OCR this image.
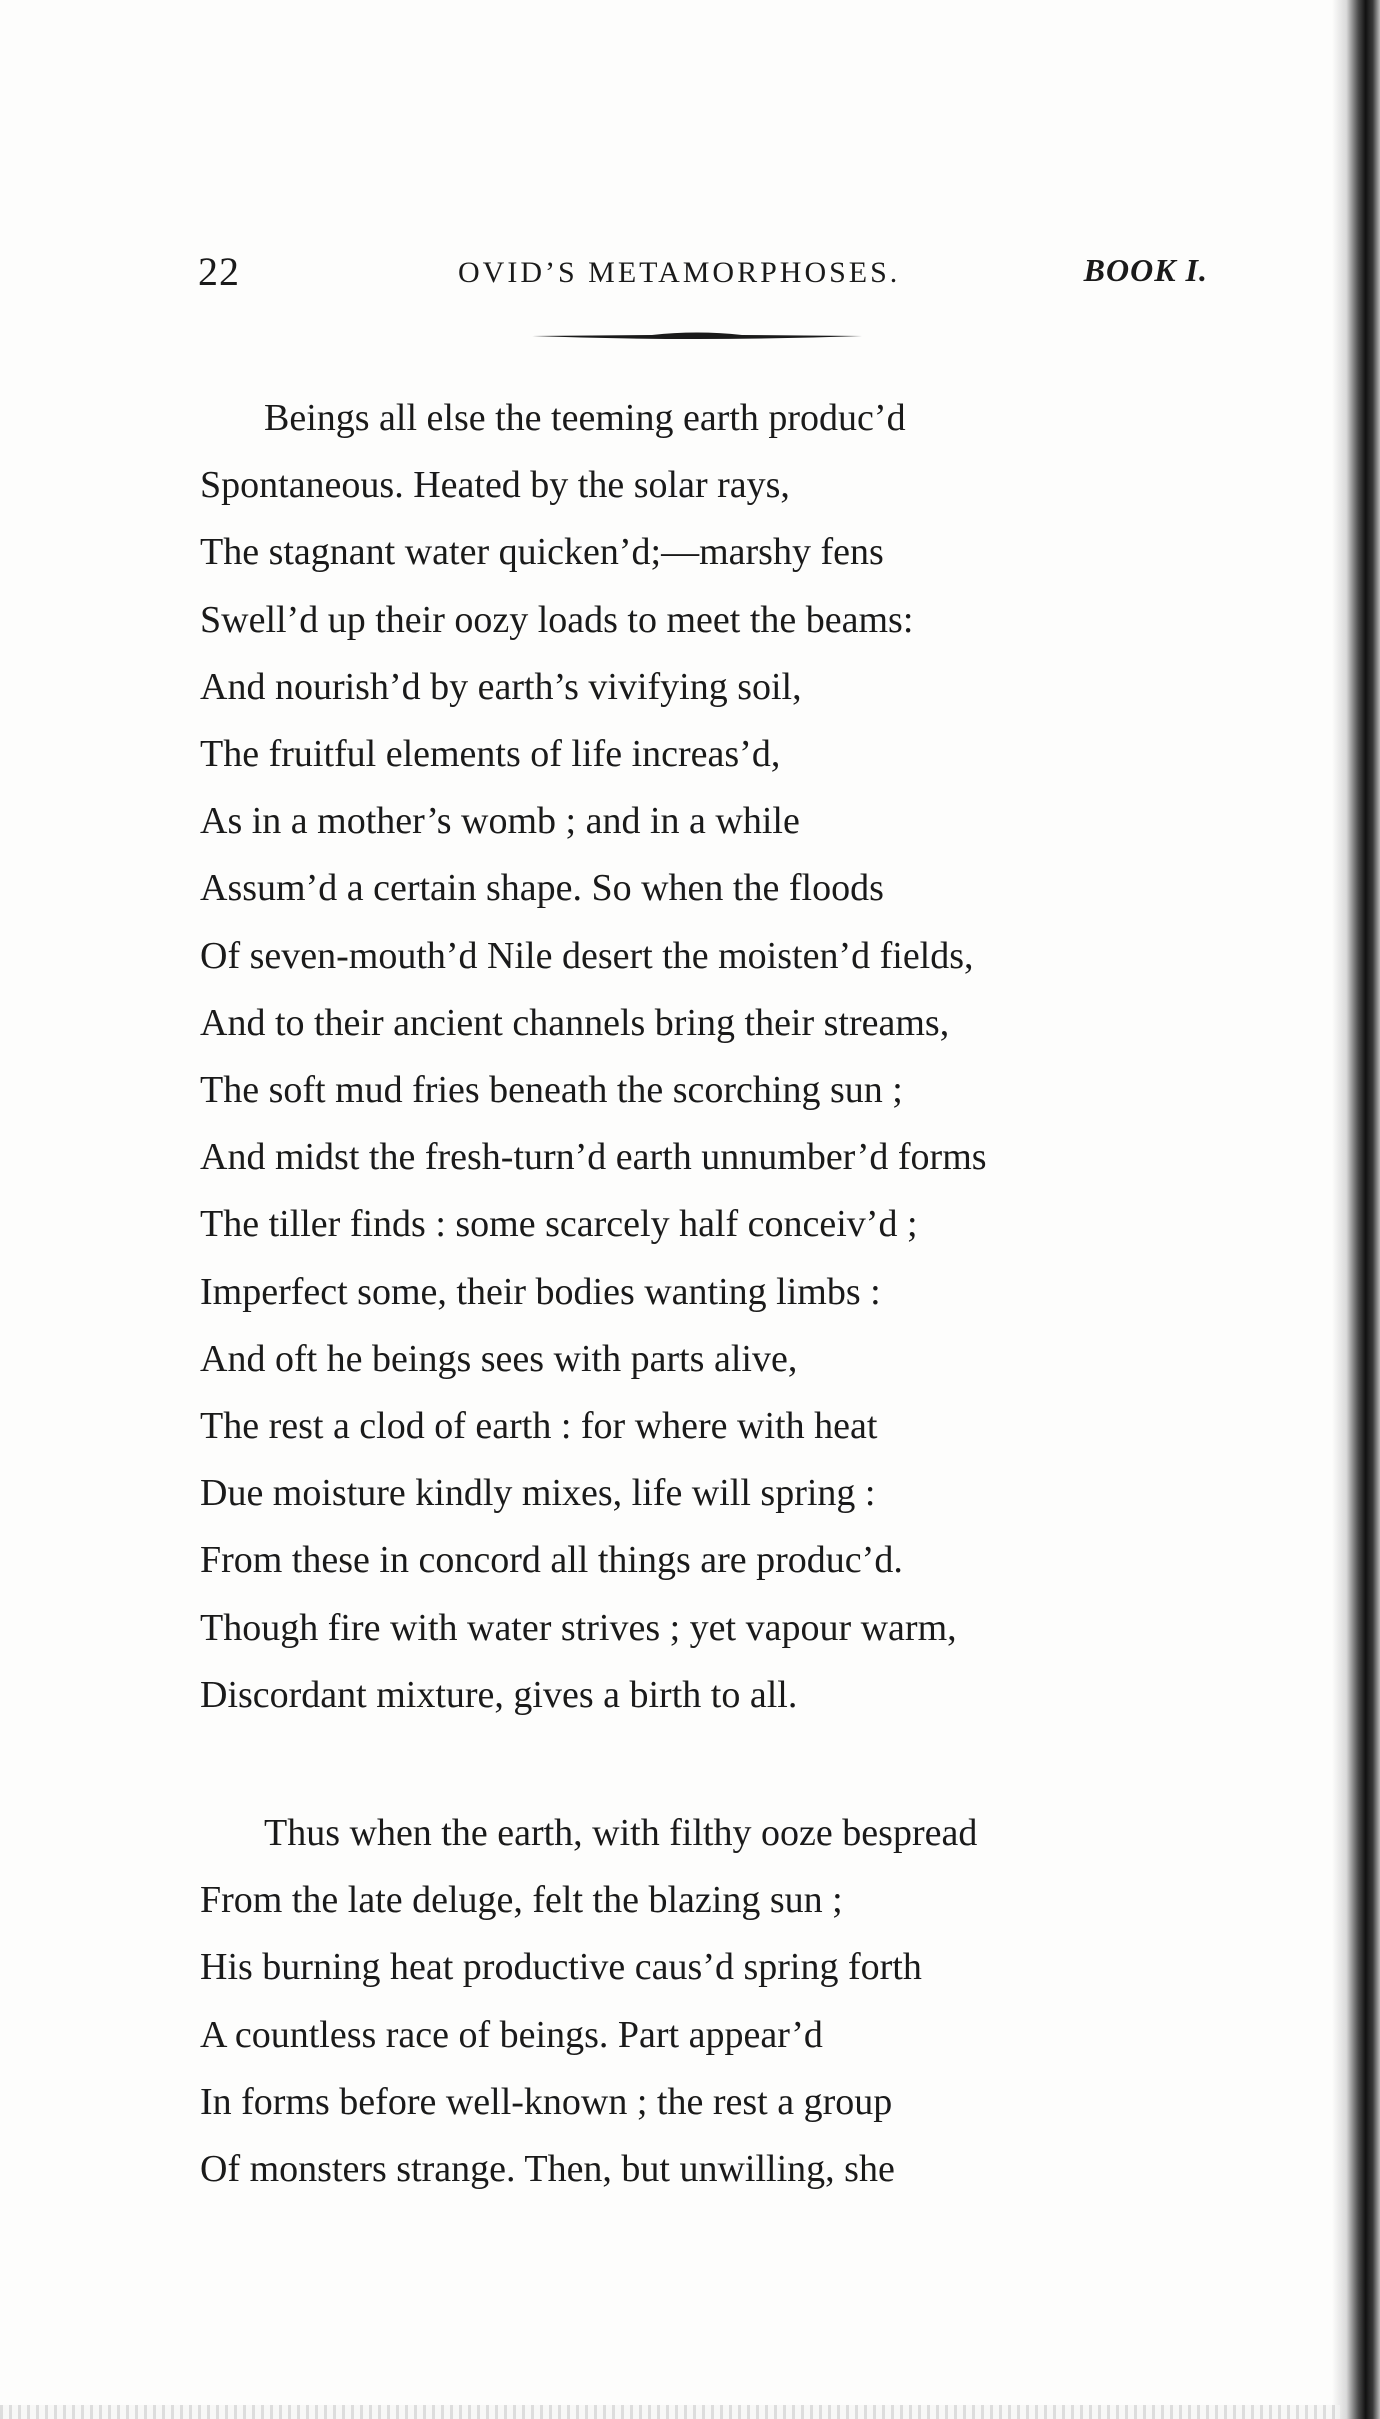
22	OVID’S METAMORPHOSES.	BOOK I.
Beings all else the teeming earth produc’d
Spontaneous. Heated by the solar rays,
The stagnant water quicken’d;—marshy fens
Swell’d up their oozy loads to meet the beams:
And nourish’d by earth’s vivifying soil,
The fruitful elements of life increas’d,
As in a mother’s womb ; and in a while
Assum’d a certain shape. So when the floods
Of seven-mouth’d Nile desert the moisten’d fields,
And to their ancient channels bring their streams,
The soft mud fries beneath the scorching sun ;
And midst the fresh-turn’d earth unnumber’d forms
The tiller finds : some scarcely half conceiv’d ;
Imperfect some, their bodies wanting limbs :
And oft he beings sees with parts alive,
The rest a clod of earth : for where with heat
Due moisture kindly mixes, life will spring :
From these in concord all things are produc’d.
Though fire with water strives ; yet vapour warm,
Discordant mixture, gives a birth to all.
Thus when the earth, with filthy ooze bespread
From the late deluge, felt the blazing sun ;
His burning heat productive caus’d spring forth
A countless race of beings. Part appear’d
In forms before well-known ; the rest a group
Of monsters strange. Then, but unwilling, she
